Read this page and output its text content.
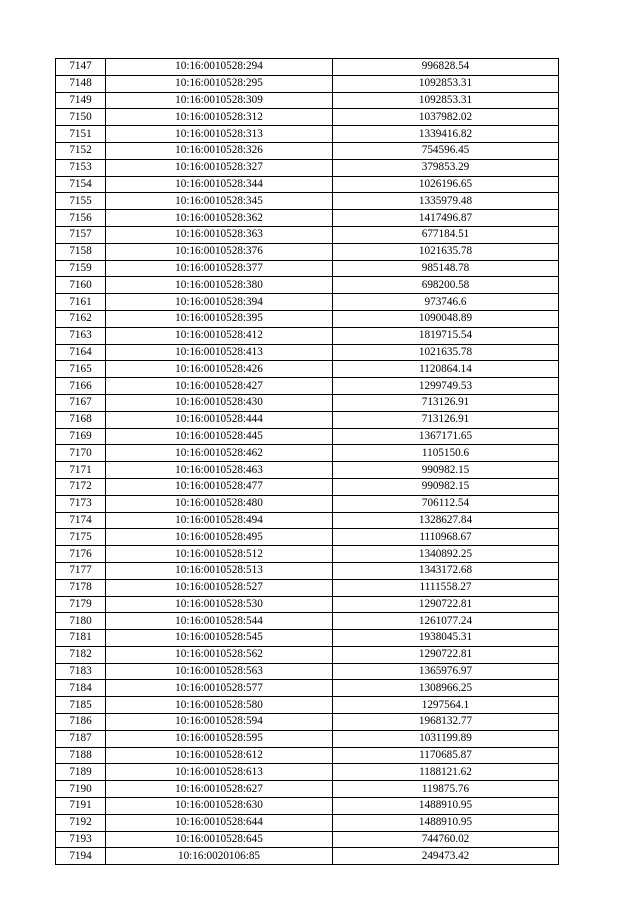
7147	10:16:0010528:294	996828.54
7148	10:16:0010528:295	1092853.31
7149	10:16:0010528:309	1092853.31
7150	10:16:0010528:312	1037982.02
7151	10:16:0010528:313	1339416.82
7152	10:16:0010528:326	754596.45
7153	10:16:0010528:327	379853.29
7154	10:16:0010528:344	1026196.65
7155	10:16:0010528:345	1335979.48
7156	10:16:0010528:362	1417496.87
7157	10:16:0010528:363	677184.51
7158	10:16:0010528:376	1021635.78
7159	10:16:0010528:377	985148.78
7160	10:16:0010528:380	698200.58
7161	10:16:0010528:394	973746.6
7162	10:16:0010528:395	1090048.89
7163	10:16:0010528:412	1819715.54
7164	10:16:0010528:413	1021635.78
7165	10:16:0010528:426	1120864.14
7166	10:16:0010528:427	1299749.53
7167	10:16:0010528:430	713126.91
7168	10:16:0010528:444	713126.91
7169	10:16:0010528:445	1367171.65
7170	10:16:0010528:462	1105150.6
7171	10:16:0010528:463	990982.15
7172	10:16:0010528:477	990982.15
7173	10:16:0010528:480	706112.54
7174	10:16:0010528:494	1328627.84
7175	10:16:0010528:495	1110968.67
7176	10:16:0010528:512	1340892.25
7177	10:16:0010528:513	1343172.68
7178	10:16:0010528:527	1111558.27
7179	10:16:0010528:530	1290722.81
7180	10:16:0010528:544	1261077.24
7181	10:16:0010528:545	1938045.31
7182	10:16:0010528:562	1290722.81
7183	10:16:0010528:563	1365976.97
7184	10:16:0010528:577	1308966.25
7185	10:16:0010528:580	1297564.1
7186	10:16:0010528:594	1968132.77
7187	10:16:0010528:595	1031199.89
7188	10:16:0010528:612	1170685.87
7189	10:16:0010528:613	1188121.62
7190	10:16:0010528:627	119875.76
7191	10:16:0010528:630	1488910.95
7192	10:16:0010528:644	1488910.95
7193	10:16:0010528:645	744760.02
7194	10:16:0020106:85	249473.42
